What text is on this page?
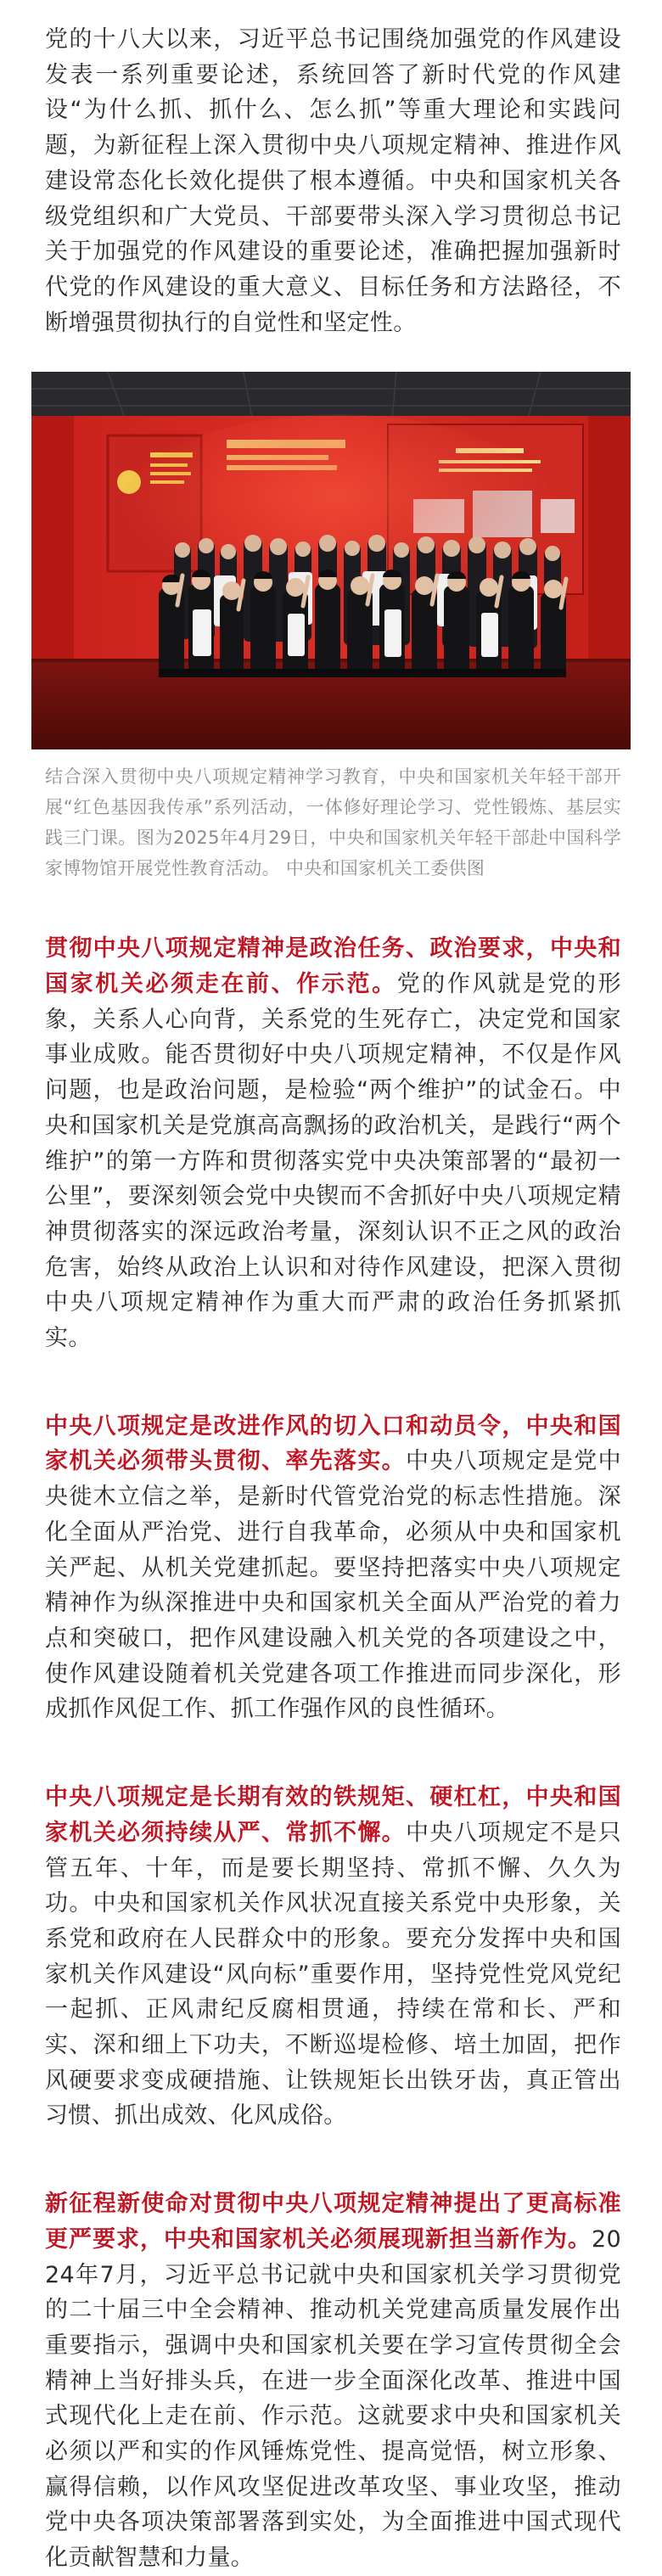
党的十八大以来，习近平总书记围绕加强党的作风建设发表一系列重要论述，系统回答了新时代党的作风建设“为什么抓、抓什么、怎么抓”等重大理论和实践问题，为新征程上深入贯彻中央八项规定精神、推进作风建设常态化长效化提供了根本遵循。中央和国家机关各级党组织和广大党员、干部要带头深入学习贯彻总书记关于加强党的作风建设的重要论述，准确把握加强新时代党的作风建设的重大意义、目标任务和方法路径，不断增强贯彻执行的自觉性和坚定性。

结合深入贯彻中央八项规定精神学习教育，中央和国家机关年轻干部开展“红色基因我传承”系列活动，一体修好理论学习、党性锻炼、基层实践三门课。图为2025年4月29日，中央和国家机关年轻干部赴中国科学家博物馆开展党性教育活动。 中央和国家机关工委供图

贯彻中央八项规定精神是政治任务、政治要求，中央和国家机关必须走在前、作示范。党的作风就是党的形象，关系人心向背，关系党的生死存亡，决定党和国家事业成败。能否贯彻好中央八项规定精神，不仅是作风问题，也是政治问题，是检验“两个维护”的试金石。中央和国家机关是党旗高高飘扬的政治机关，是践行“两个维护”的第一方阵和贯彻落实党中央决策部署的“最初一公里”，要深刻领会党中央锲而不舍抓好中央八项规定精神贯彻落实的深远政治考量，深刻认识不正之风的政治危害，始终从政治上认识和对待作风建设，把深入贯彻中央八项规定精神作为重大而严肃的政治任务抓紧抓实。

中央八项规定是改进作风的切入口和动员令，中央和国家机关必须带头贯彻、率先落实。中央八项规定是党中央徙木立信之举，是新时代管党治党的标志性措施。深化全面从严治党、进行自我革命，必须从中央和国家机关严起、从机关党建抓起。要坚持把落实中央八项规定精神作为纵深推进中央和国家机关全面从严治党的着力点和突破口，把作风建设融入机关党的各项建设之中，使作风建设随着机关党建各项工作推进而同步深化，形成抓作风促工作、抓工作强作风的良性循环。

中央八项规定是长期有效的铁规矩、硬杠杠，中央和国家机关必须持续从严、常抓不懈。中央八项规定不是只管五年、十年，而是要长期坚持、常抓不懈、久久为功。中央和国家机关作风状况直接关系党中央形象，关系党和政府在人民群众中的形象。要充分发挥中央和国家机关作风建设“风向标”重要作用，坚持党性党风党纪一起抓、正风肃纪反腐相贯通，持续在常和长、严和实、深和细上下功夫，不断巡堤检修、培土加固，把作风硬要求变成硬措施、让铁规矩长出铁牙齿，真正管出习惯、抓出成效、化风成俗。

新征程新使命对贯彻中央八项规定精神提出了更高标准更严要求，中央和国家机关必须展现新担当新作为。2024年7月，习近平总书记就中央和国家机关学习贯彻党的二十届三中全会精神、推动机关党建高质量发展作出重要指示，强调中央和国家机关要在学习宣传贯彻全会精神上当好排头兵，在进一步全面深化改革、推进中国式现代化上走在前、作示范。这就要求中央和国家机关必须以严和实的作风锤炼党性、提高觉悟，树立形象、赢得信赖，以作风攻坚促进改革攻坚、事业攻坚，推动党中央各项决策部署落到实处，为全面推进中国式现代化贡献智慧和力量。
